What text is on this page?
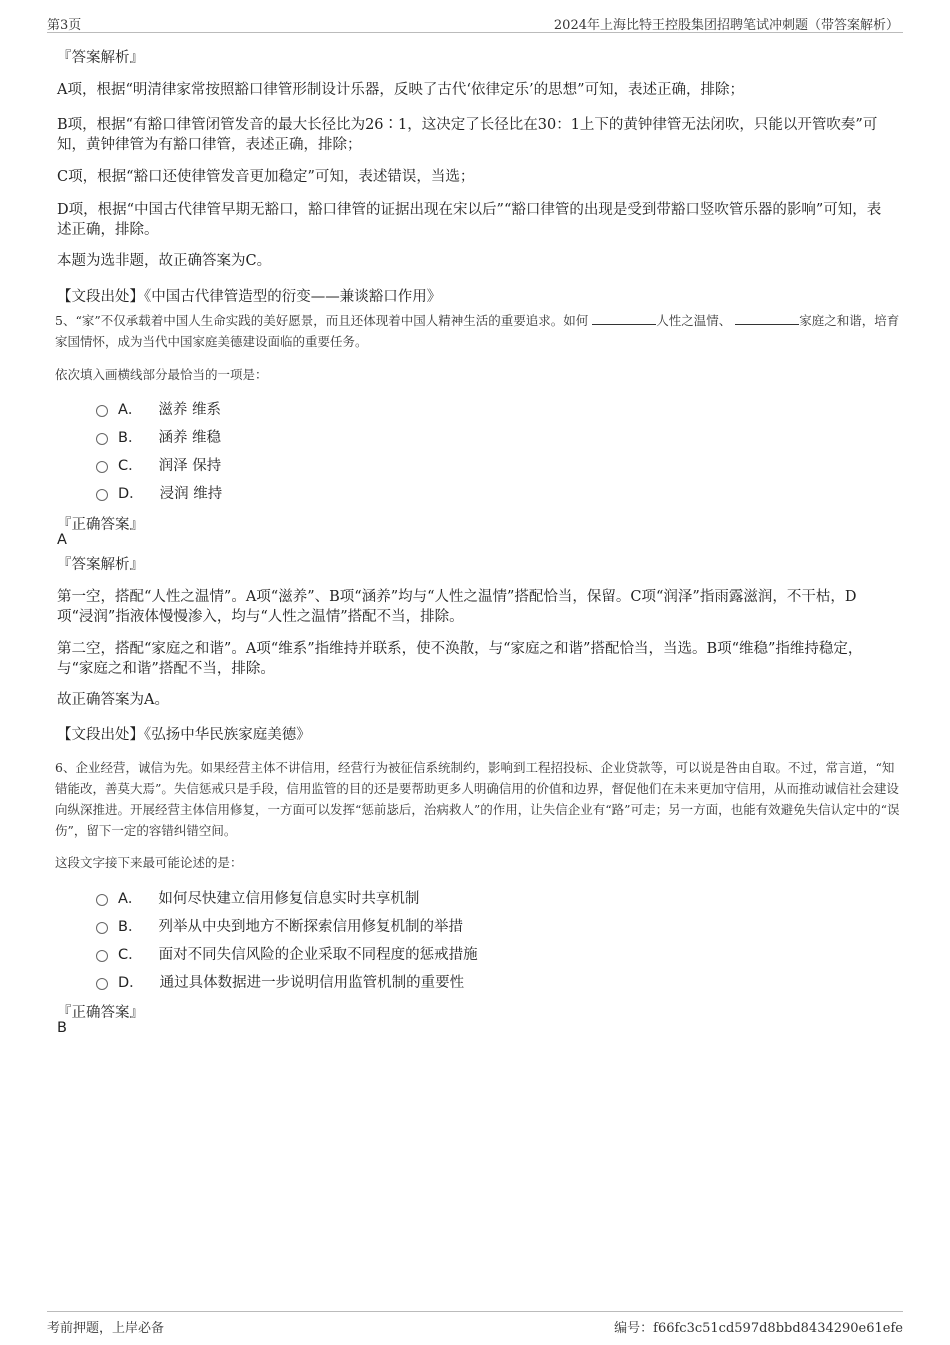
第3页	2024年上海比特王控股集团招聘笔试冲刺题（带答案解析）

『答案解析』

A项，根据“明清律家常按照豁口律管形制设计乐器，反映了古代‘依律定乐’的思想”可知，表述正确，排除；

B项，根据“有豁口律管闭管发音的最大长径比为26∶1，这决定了长径比在30：1上下的黄钟律管无法闭吹，只能以开管吹奏”可知，黄钟律管为有豁口律管，表述正确，排除；

C项，根据“豁口还使律管发音更加稳定”可知，表述错误，当选；

D项，根据“中国古代律管早期无豁口，豁口律管的证据出现在宋以后”“豁口律管的出现是受到带豁口竖吹管乐器的影响”可知，表述正确，排除。

本题为选非题，故正确答案为C。

【文段出处】《中国古代律管造型的衍变——兼谈豁口作用》

5、“家”不仅承载着中国人生命实践的美好愿景，而且还体现着中国人精神生活的重要追求。如何	人性之温情、	家庭之和谐，培育家国情怀，成为当代中国家庭美德建设面临的重要任务。

依次填入画横线部分最恰当的一项是：

A． 滋养 维系
B． 涵养 维稳
C． 润泽 保持
D． 浸润 维持

『正确答案』

A

『答案解析』

第一空，搭配“人性之温情”。A项“滋养”、B项“涵养”均与“人性之温情”搭配恰当，保留。C项“润泽”指雨露滋润，不干枯，D项“浸润”指液体慢慢渗入，均与“人性之温情”搭配不当，排除。

第二空，搭配“家庭之和谐”。A项“维系”指维持并联系，使不涣散，与“家庭之和谐”搭配恰当，当选。B项“维稳”指维持稳定，与“家庭之和谐”搭配不当，排除。

故正确答案为A。

【文段出处】《弘扬中华民族家庭美德》

6、企业经营，诚信为先。如果经营主体不讲信用，经营行为被征信系统制约，影响到工程招投标、企业贷款等，可以说是咎由自取。不过，常言道，“知错能改，善莫大焉”。失信惩戒只是手段，信用监管的目的还是要帮助更多人明确信用的价值和边界，督促他们在未来更加守信用，从而推动诚信社会建设向纵深推进。开展经营主体信用修复，一方面可以发挥“惩前毖后，治病救人”的作用，让失信企业有“路”可走；另一方面，也能有效避免失信认定中的“误伤”，留下一定的容错纠错空间。

这段文字接下来最可能论述的是：

A． 如何尽快建立信用修复信息实时共享机制
B． 列举从中央到地方不断探索信用修复机制的举措
C． 面对不同失信风险的企业采取不同程度的惩戒措施
D． 通过具体数据进一步说明信用监管机制的重要性

『正确答案』

B

考前押题，上岸必备	编号：f66fc3c51cd597d8bbd8434290e61efe
